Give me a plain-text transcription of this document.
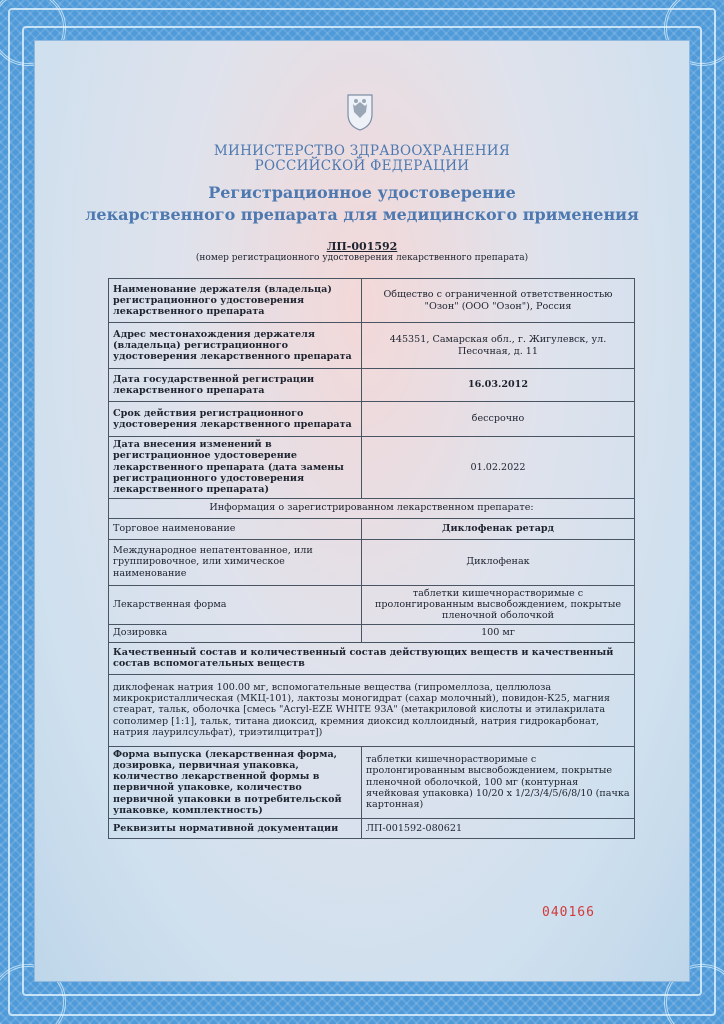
МИНИСТЕРСТВО ЗДРАВООХРАНЕНИЯ
РОССИЙСКОЙ ФЕДЕРАЦИИ
Регистрационное удостоверение
лекарственного препарата для медицинского применения
ЛП-001592
(номер регистрационного удостоверения лекарственного препарата)
Наименование держателя (владельца) регистрационного удостоверения лекарственного препарата	Общество с ограниченной ответственностью "Озон" (ООО "Озон"), Россия
Адрес местонахождения держателя (владельца) регистрационного удостоверения лекарственного препарата	445351, Самарская обл., г. Жигулевск, ул. Песочная, д. 11
Дата государственной регистрации лекарственного препарата	16.03.2012
Срок действия регистрационного удостоверения лекарственного препарата	бессрочно
Дата внесения изменений в регистрационное удостоверение лекарственного препарата (дата замены регистрационного удостоверения лекарственного препарата)	01.02.2022
Информация о зарегистрированном лекарственном препарате:	
Торговое наименование	Диклофенак ретард
Международное непатентованное, или группировочное, или химическое наименование	Диклофенак
Лекарственная форма	таблетки кишечнорастворимые с пролонгированным высвобождением, покрытые пленочной оболочкой
Дозировка	100 мг
Качественный состав и количественный состав действующих веществ и качественный состав вспомогательных веществ	
диклофенак натрия 100.00 мг, вспомогательные вещества (гипромеллоза, целлюлоза микрокристаллическая (МКЦ-101), лактозы моногидрат (сахар молочный), повидон-К25, магния стеарат, тальк, оболочка [смесь "Acryl-EZE WHITE 93A" (метакриловой кислоты и этилакрилата сополимер [1:1], тальк, титана диоксид, кремния диоксид коллоидный, натрия гидрокарбонат, натрия лаурилсульфат), триэтилцитрат])	
Форма выпуска (лекарственная форма, дозировка, первичная упаковка, количество лекарственной формы в первичной упаковке, количество первичной упаковки в потребительской упаковке, комплектность)	таблетки кишечнорастворимые с пролонгированным высвобождением, покрытые пленочной оболочкой, 100 мг (контурная ячейковая упаковка) 10/20 x 1/2/3/4/5/6/8/10 (пачка картонная)
Реквизиты нормативной документации	ЛП-001592-080621
040166
